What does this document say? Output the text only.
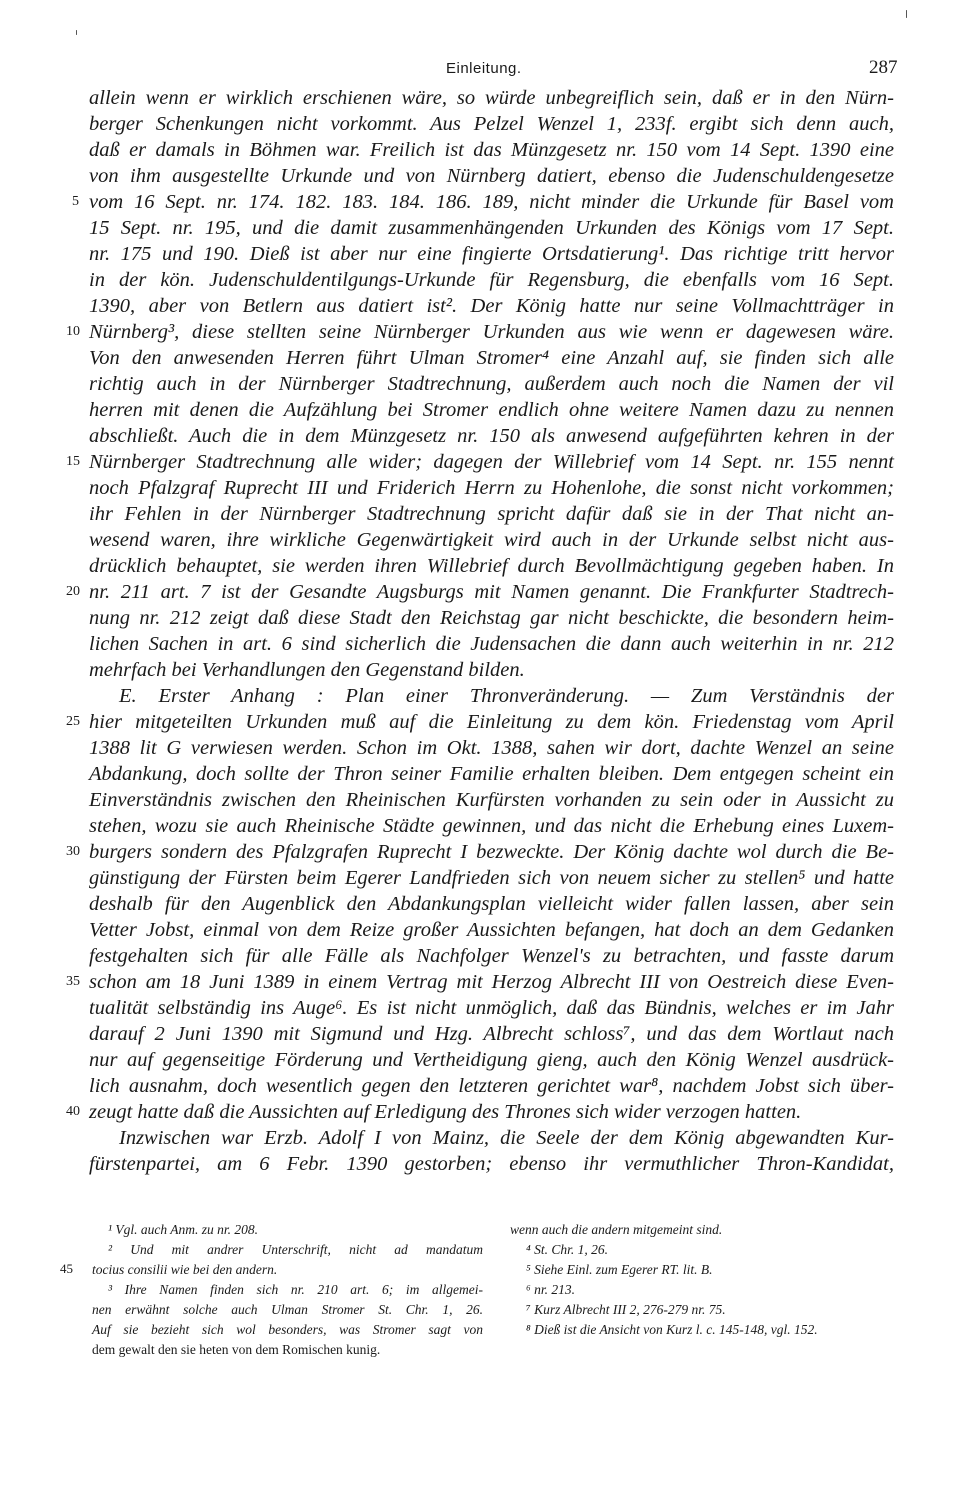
Einleitung.	287
allein wenn er wirklich erschienen wäre, so würde unbegreiflich sein, daß er in den Nürn-
berger Schenkungen nicht vorkommt. Aus Pelzel Wenzel 1, 233f. ergibt sich denn auch,
daß er damals in Böhmen war. Freilich ist das Münzgesetz nr. 150 vom 14 Sept. 1390 eine
von ihm ausgestellte Urkunde und von Nürnberg datiert, ebenso die Judenschuldengesetze
vom 16 Sept. nr. 174. 182. 183. 184. 186. 189, nicht minder die Urkunde für Basel vom
15 Sept. nr. 195, und die damit zusammenhängenden Urkunden des Königs vom 17 Sept.
nr. 175 und 190. Dieß ist aber nur eine fingierte Ortsdatierung¹. Das richtige tritt hervor
in der kön. Judenschuldentilgungs-Urkunde für Regensburg, die ebenfalls vom 16 Sept.
1390, aber von Betlern aus datiert ist². Der König hatte nur seine Vollmachtträger in
Nürnberg³, diese stellten seine Nürnberger Urkunden aus wie wenn er dagewesen wäre.
Von den anwesenden Herren führt Ulman Stromer⁴ eine Anzahl auf, sie finden sich alle
richtig auch in der Nürnberger Stadtrechnung, außerdem auch noch die Namen der vil
herren mit denen die Aufzählung bei Stromer endlich ohne weitere Namen dazu zu nennen
abschließt. Auch die in dem Münzgesetz nr. 150 als anwesend aufgeführten kehren in der
Nürnberger Stadtrechnung alle wider; dagegen der Willebrief vom 14 Sept. nr. 155 nennt
noch Pfalzgraf Ruprecht III und Friderich Herrn zu Hohenlohe, die sonst nicht vorkommen;
ihr Fehlen in der Nürnberger Stadtrechnung spricht dafür daß sie in der That nicht an-
wesend waren, ihre wirkliche Gegenwärtigkeit wird auch in der Urkunde selbst nicht aus-
drücklich behauptet, sie werden ihren Willebrief durch Bevollmächtigung gegeben haben. In
nr. 211 art. 7 ist der Gesandte Augsburgs mit Namen genannt. Die Frankfurter Stadtrech-
nung nr. 212 zeigt daß diese Stadt den Reichstag gar nicht beschickte, die besondern heim-
lichen Sachen in art. 6 sind sicherlich die Judensachen die dann auch weiterhin in nr. 212
mehrfach bei Verhandlungen den Gegenstand bilden.
E. Erster Anhang : Plan einer Thronveränderung. — Zum Verständnis der
hier mitgeteilten Urkunden muß auf die Einleitung zu dem kön. Friedenstag vom April
1388 lit G verwiesen werden. Schon im Okt. 1388, sahen wir dort, dachte Wenzel an seine
Abdankung, doch sollte der Thron seiner Familie erhalten bleiben. Dem entgegen scheint ein
Einverständnis zwischen den Rheinischen Kurfürsten vorhanden zu sein oder in Aussicht zu
stehen, wozu sie auch Rheinische Städte gewinnen, und das nicht die Erhebung eines Luxem-
burgers sondern des Pfalzgrafen Ruprecht I bezweckte. Der König dachte wol durch die Be-
günstigung der Fürsten beim Egerer Landfrieden sich von neuem sicher zu stellen⁵ und hatte
deshalb für den Augenblick den Abdankungsplan vielleicht wider fallen lassen, aber sein
Vetter Jobst, einmal von dem Reize großer Aussichten befangen, hat doch an dem Gedanken
festgehalten sich für alle Fälle als Nachfolger Wenzel's zu betrachten, und fasste darum
schon am 18 Juni 1389 in einem Vertrag mit Herzog Albrecht III von Oestreich diese Even-
tualität selbständig ins Auge⁶. Es ist nicht unmöglich, daß das Bündnis, welches er im Jahr
darauf 2 Juni 1390 mit Sigmund und Hzg. Albrecht schloss⁷, und das dem Wortlaut nach
nur auf gegenseitige Förderung und Vertheidigung gieng, auch den König Wenzel ausdrück-
lich ausnahm, doch wesentlich gegen den letzteren gerichtet war⁸, nachdem Jobst sich über-
zeugt hatte daß die Aussichten auf Erledigung des Thrones sich wider verzogen hatten.
Inzwischen war Erzb. Adolf I von Mainz, die Seele der dem König abgewandten Kur-
fürstenpartei, am 6 Febr. 1390 gestorben; ebenso ihr vermuthlicher Thron-Kandidat,
5
10
15
20
25
30
35
40
45
¹ Vgl. auch Anm. zu nr. 208.
² Und mit andrer Unterschrift, nicht ad mandatum
tocius consilii wie bei den andern.
³ Ihre Namen finden sich nr. 210 art. 6; im allgemei-
nen erwähnt solche auch Ulman Stromer St. Chr. 1, 26.
Auf sie bezieht sich wol besonders, was Stromer sagt von
dem gewalt den sie heten von dem Romischen kunig.
wenn auch die andern mitgemeint sind.
⁴ St. Chr. 1, 26.
⁵ Siehe Einl. zum Egerer RT. lit. B.
⁶ nr. 213.
⁷ Kurz Albrecht III 2, 276-279 nr. 75.
⁸ Dieß ist die Ansicht von Kurz l. c. 145-148, vgl. 152.
